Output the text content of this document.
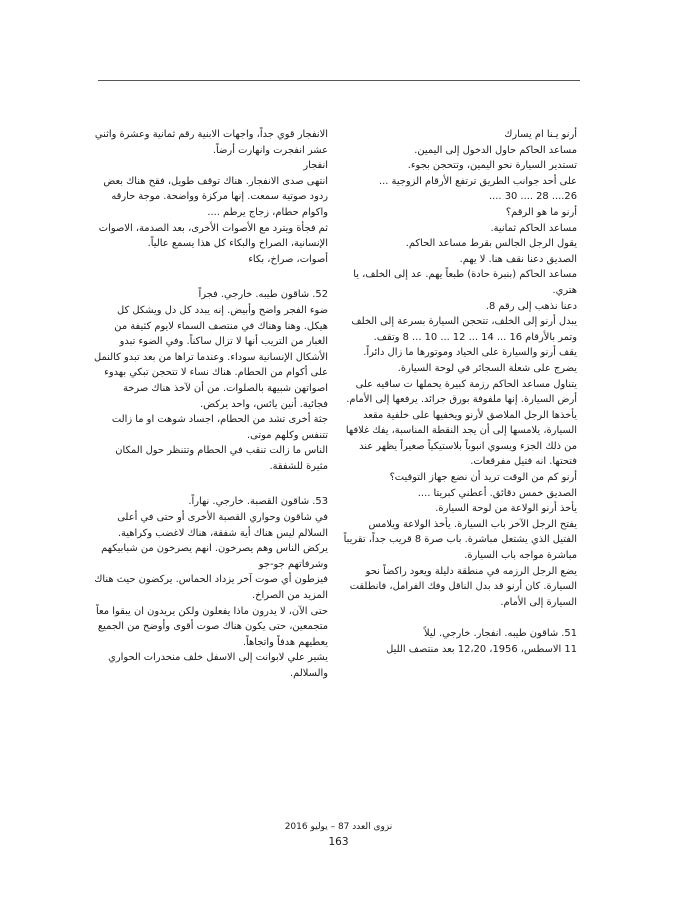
أرنو يـنا ام يسارك

مساعد الحاكم حاول الدخول إلى اليمين.

تستدير السيارة نحو اليمين، وتتحجن بجوء.

على أحد جوانب الطريق ترتفع الأرقام الزوجية ...

26.... 28 .... 30 ....

أرنو ما هو الرقم؟

مساعد الحاكم ثمانية.

يقول الرجل الجالس بقرط مساعد الحاكم.

الصديق دعنا نقف هنا. لا يهم.

مساعد الحاكم (بنبرة حادة) طبعاً يهم. عد إلى الخلف، يا هتري.

دعنا نذهب إلى رقم 8.

يبدل أرنو إلى الخلف، تتحجن السيارة بسرعة إلى الخلف وتمر بالأرقام 16 ... 14 ... 12 ... 10 ... 8 وتقف.

يقف أرنو والسيارة على الحياد وموتورها ما زال دائراً.

يضرج على شعلة السجائر في لوحة السيارة.

يتناول مساعد الحاكم رزمة كبيرة يحملها ت ساقيه على أرض السيارة. إنها ملفوفة بورق جرائد. يرفعها إلى الأمام. يأخذها الرجل الملاصق لأرنو ويخفيها على خلفية مقعد السيارة، يلامسها إلى أن يجد النقطة المناسبة، يفك غلافها من ذلك الجزء ويسوي انبوباً بلاستيكياً صغيراً يظهر عند فتحتها. انه فتيل مفرقعات.

أرنو كم من الوقت تريد أن نضع جهاز التوقيت؟

الصديق خمس دقائق. أعطني كبريتا ....

يأخذ أرنو الولاعة من لوحة السيارة.

يفتح الرجل الآخر باب السيارة. يأخذ الولاعة ويلامس الفتيل الذي يشتعل مباشرة. باب صرة 8 قريب جداً، تقريباً مباشرة مواجه باب السيارة.

يضع الرجل الرزمه في منطقة دليلة ويعود راكضاً نحو السيارة. كان أرنو قد بدل الناقل وفك الفرامل، فانطلقت السيارة إلى الأمام.

51. شاقون طيبه. انفجار. خارجي. ليلاً

11 الاسطس، 1956، 12،20 بعد منتصف الليل

الانفجار قوي جداً، واجهات الابنية رقم ثمانية وعشرة واثني عشر انفجرت وانهارت أرضاً.

انفجار

انتهى صدى الانفجار. هناك توقف طويل، فقح هناك بعض ردود صوتية سمعت. إنها مركزة وواضحة. موجة حارقه واكوام حطام، زجاج يرطم ....

ثم فجأة ويترد مع الأصوات الأخرى، بعد الصدمة، الاصوات الإنسانية، الصراخ والبكاء كل هذا يسمع عالياً.

أصوات، صراخ، بكاء

52. شاقون طيبه. خارجي. فجراً

ضوء الفجر واضح وأبيض. إنه يبدد كل دل ويشكل كل هيكل. وهنا وهناك في منتصف السماء لايوم كثيفة من الغبار من التريب أنها لا تزال ساكناً. وفي الضوء تبدو الأشكال الإنسانية سوداء. وعندما تراها من بعد تبدو كالنمل على أكوام من الحطام. هناك نساء لا تتحجن تبكي بهدوء اصواتهن شبيهة بالصلوات. من أن لآخذ هناك صرخة فجائية. أنين يائس، واحد يركض.

جثة أخرى تشد من الحطام، اجساد شوهت او ما زالت تتنفس وكلهم موتى.

الناس ما زالت تنقب في الحطام وتتنظر حول المكان مثيرة للشفقة.

53. شاقون القصبة. خارجي. نهاراً.

في شاقون وحواري القصبة الأخرى أو حتى في أعلى السلالم ليس هناك أية شفقة، هناك لاغضب وكراهية. يركض الناس وهم يصرخون. انهم يصرخون من شبابيكهم وشرفاتهم جو-جو

فيزطون أي صوت آخر يزداد الحماس. يركضون حيث هناك المزيد من الصراخ.

حتى الآن، لا يدرون ماذا يفعلون ولكن يريدون ان يبقوا معاً متجمعين، حتى يكون هناك صوت أقوى وأوضح من الجميع يعطيهم هدفاً واتجاهاً.

يشير علي لابوانت إلى الاسفل خلف منحدرات الحواري والسلالم.

نزوى العدد 87 – يوليو 2016
163
